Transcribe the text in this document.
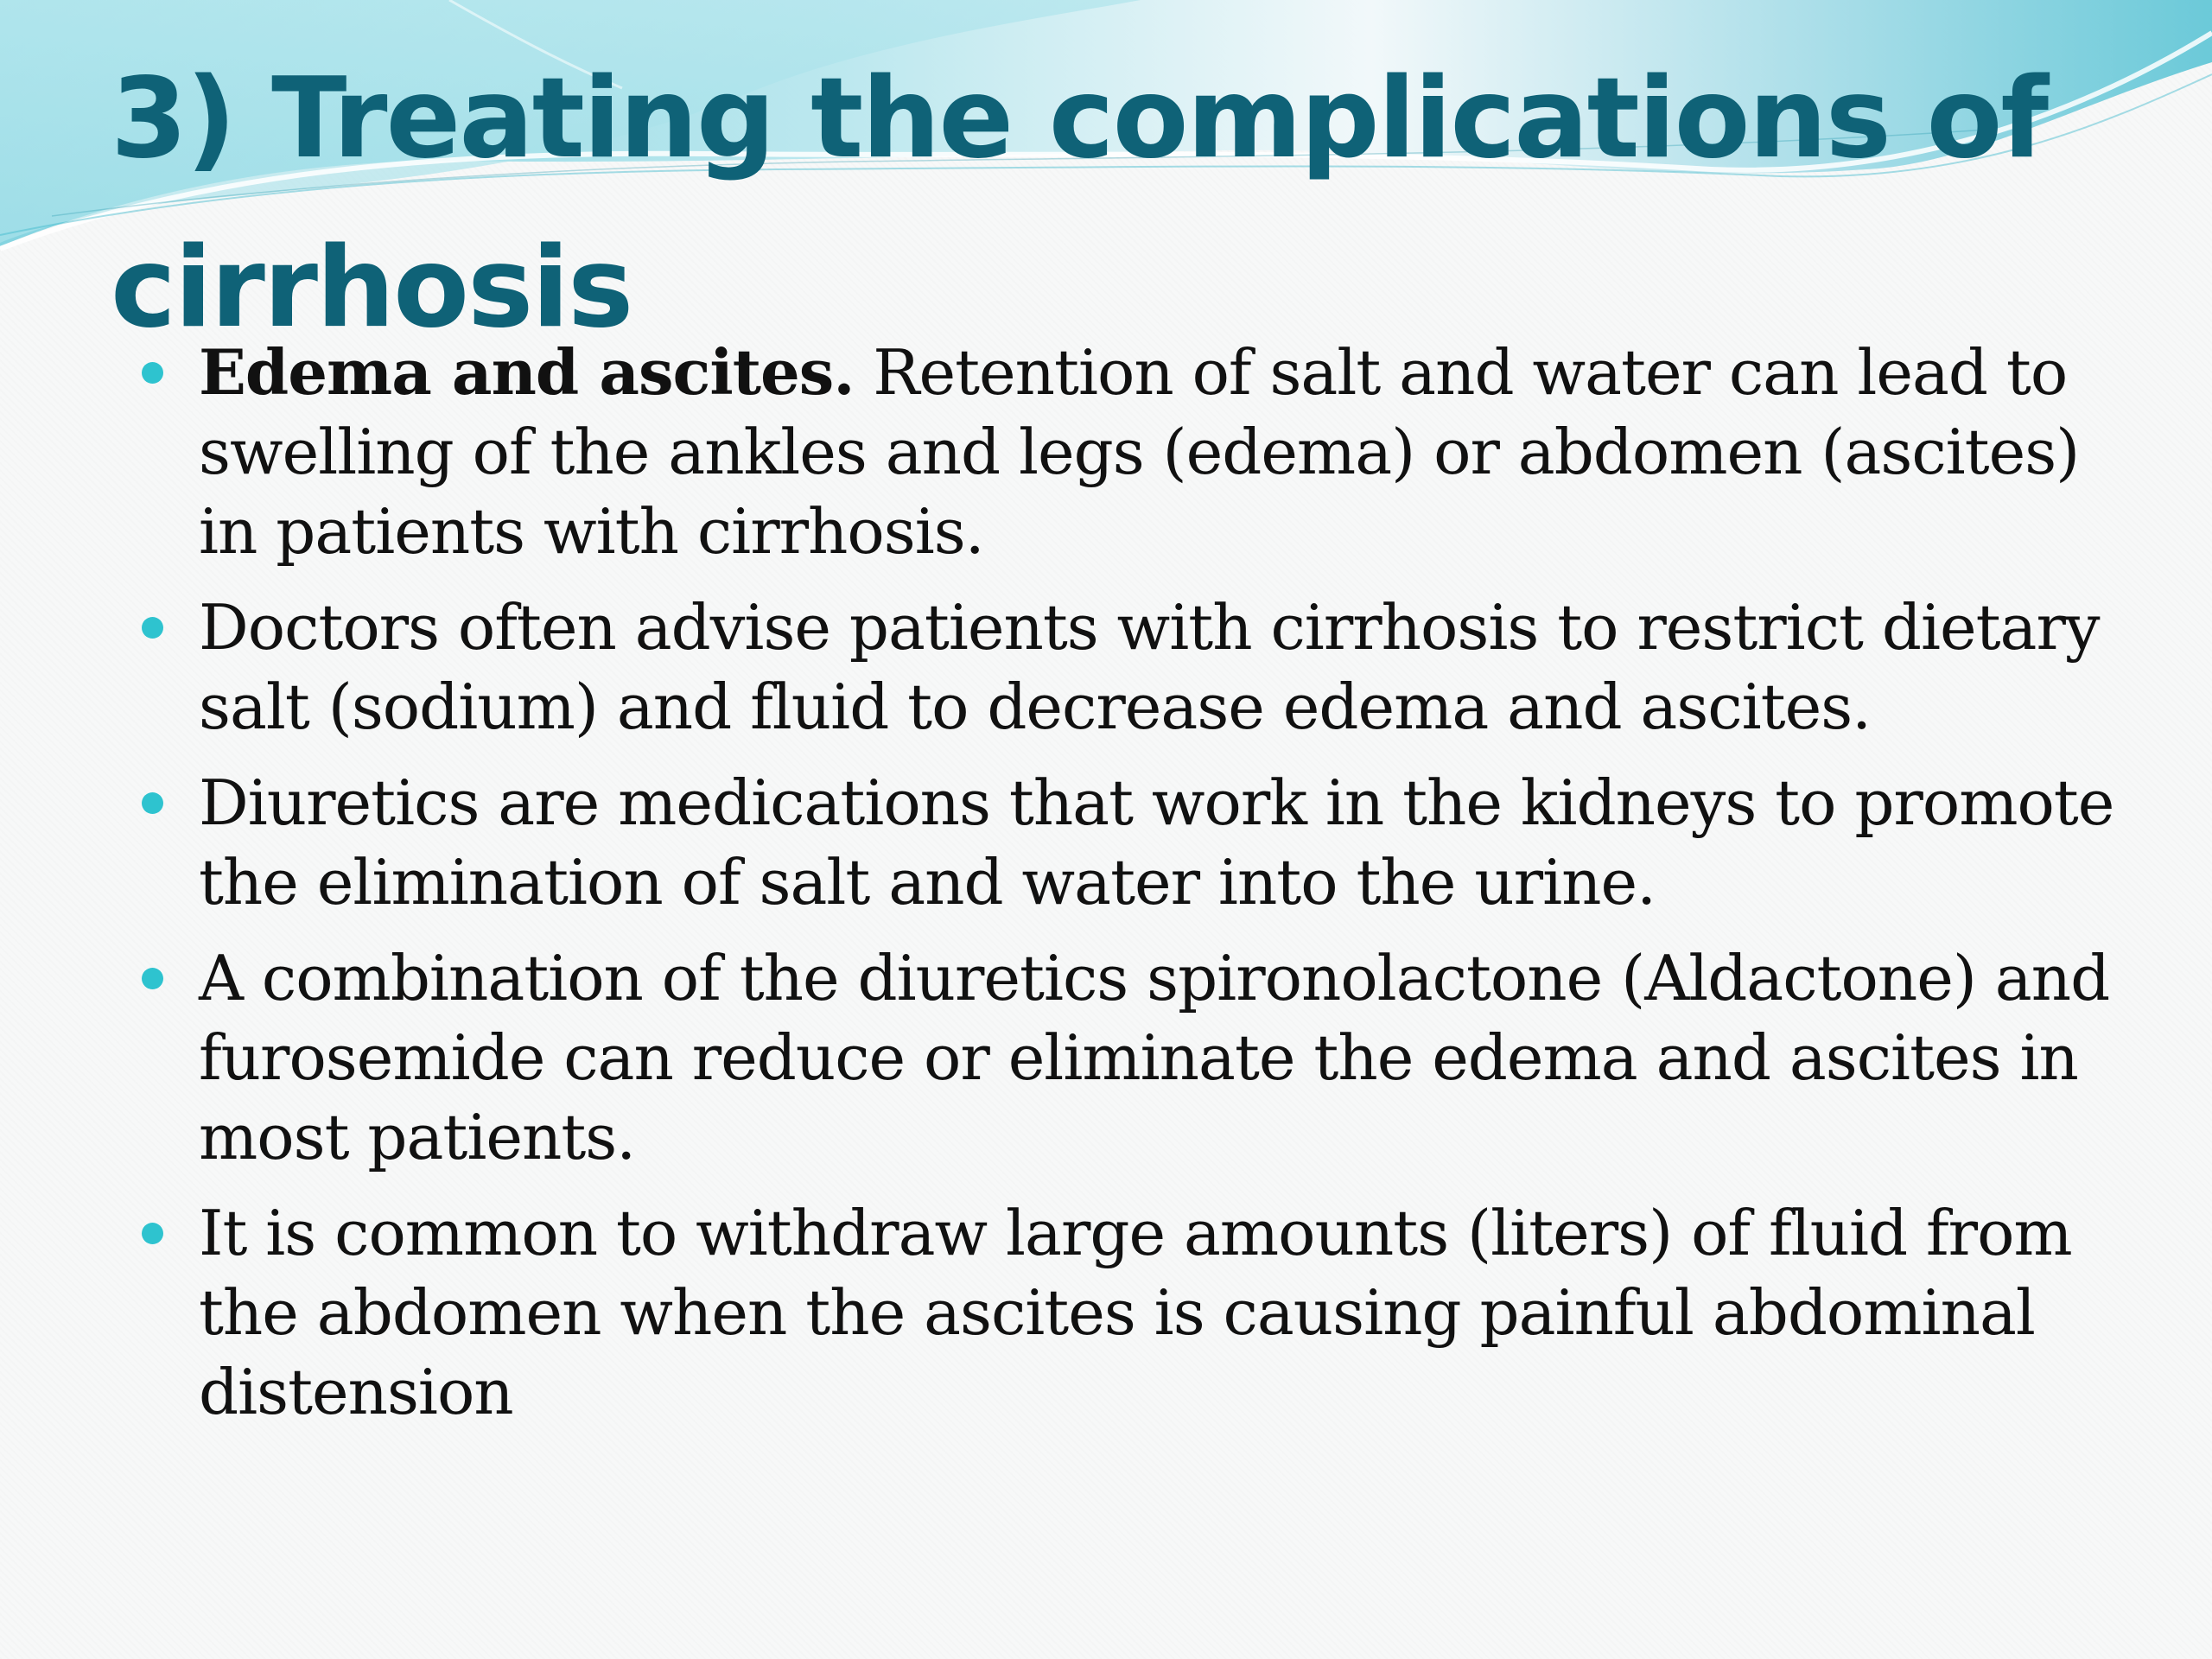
3) Treating the complications of cirrhosis
Edema and ascites. Retention of salt and water can lead to swelling of the ankles and legs (edema) or abdomen (ascites) in patients with cirrhosis.
Doctors often advise patients with cirrhosis to restrict dietary salt (sodium) and fluid to decrease edema and ascites.
Diuretics are medications that work in the kidneys to promote the elimination of salt and water into the urine.
A combination of the diuretics spironolactone (Aldactone) and furosemide can reduce or eliminate the edema and ascites in most patients.
It is common to withdraw large amounts (liters) of fluid from the abdomen when the ascites is causing painful abdominal distension
